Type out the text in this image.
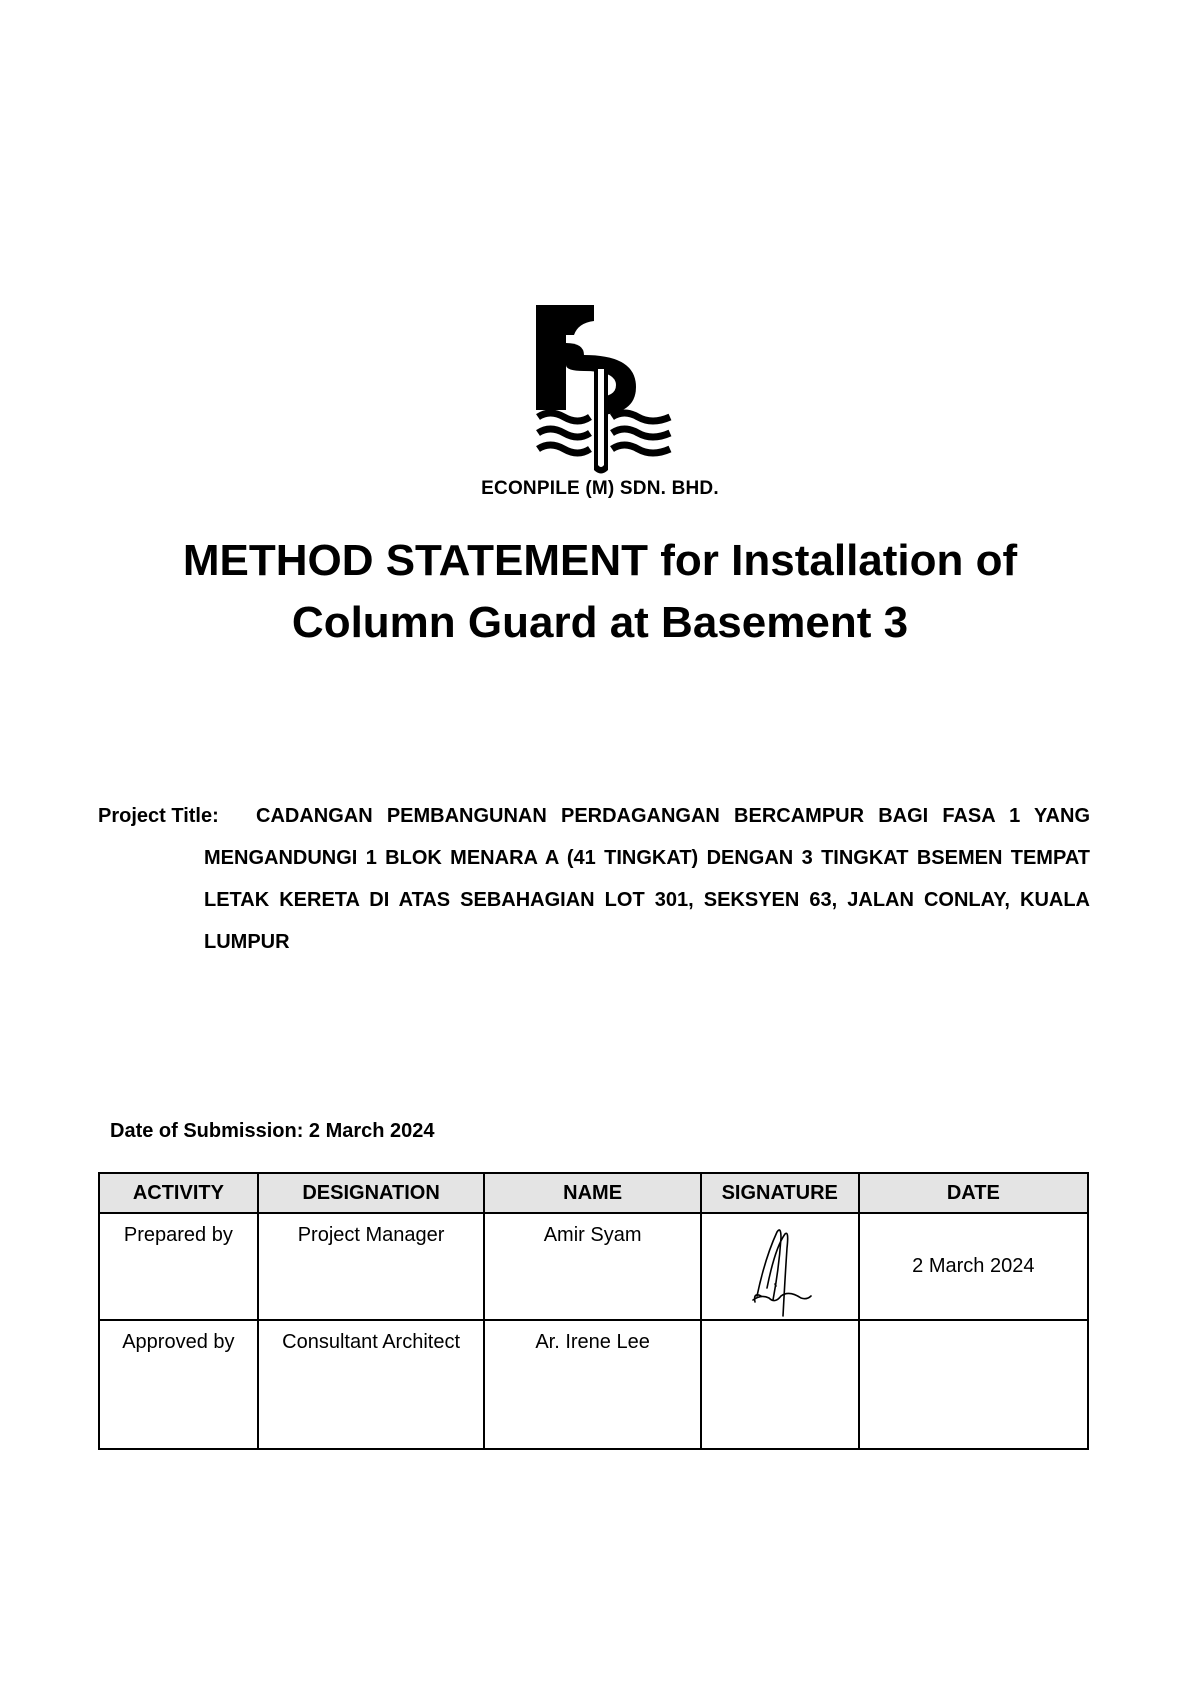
ECONPILE (M) SDN. BHD.
METHOD STATEMENT for Installation of
Column Guard at Basement 3
Project Title:	CADANGAN PEMBANGUNAN PERDAGANGAN BERCAMPUR BAGI FASA 1 YANG MENGANDUNGI 1 BLOK MENARA A (41 TINGKAT) DENGAN 3 TINGKAT BSEMEN TEMPAT LETAK KERETA DI ATAS SEBAHAGIAN LOT 301, SEKSYEN 63, JALAN CONLAY, KUALA LUMPUR
Date of Submission: 2 March 2024
ACTIVITY	DESIGNATION	NAME	SIGNATURE	DATE
Prepared by	Project Manager	Amir Syam		2 March 2024
Approved by	Consultant Architect	Ar. Irene Lee		
